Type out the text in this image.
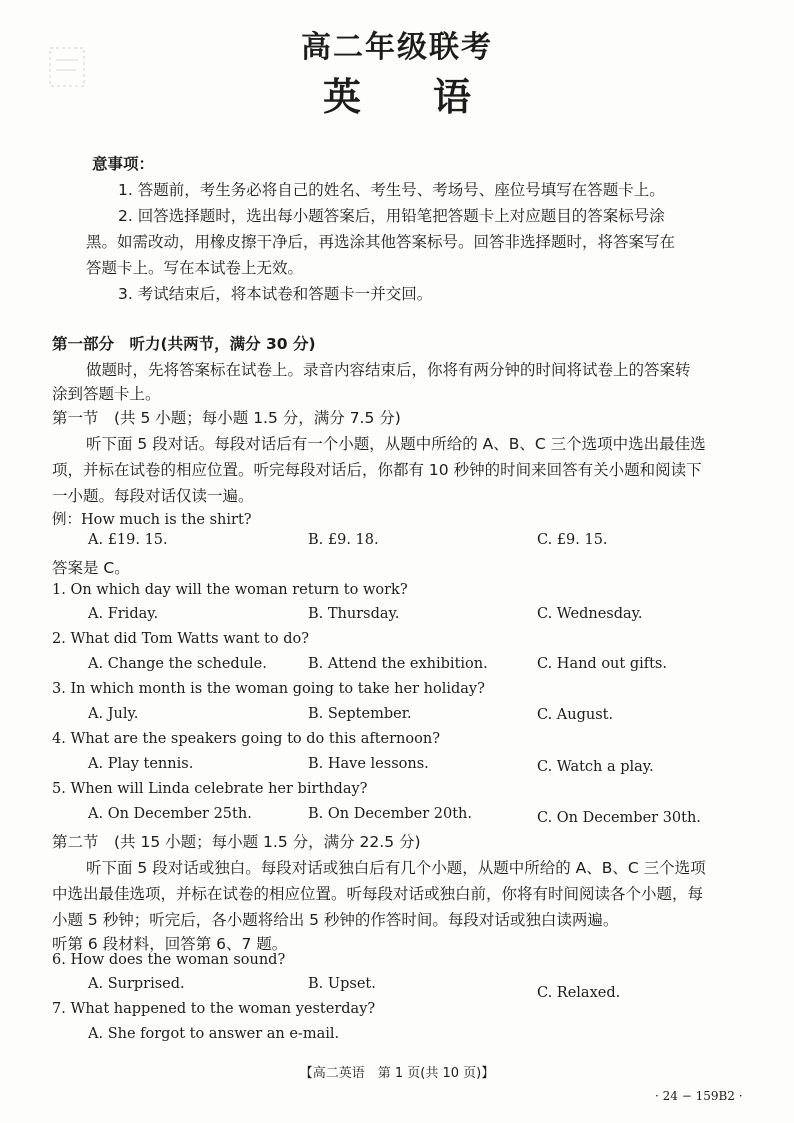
高二年级联考
英 语
意事项：
1. 答题前，考生务必将自己的姓名、考生号、考场号、座位号填写在答题卡上。
2. 回答选择题时，选出每小题答案后，用铅笔把答题卡上对应题目的答案标号涂
黑。如需改动，用橡皮擦干净后，再选涂其他答案标号。回答非选择题时，将答案写在
答题卡上。写在本试卷上无效。
3. 考试结束后，将本试卷和答题卡一并交回。
第一部分　听力(共两节，满分 30 分)
做题时，先将答案标在试卷上。录音内容结束后，你将有两分钟的时间将试卷上的答案转
涂到答题卡上。
第一节　(共 5 小题；每小题 1.5 分，满分 7.5 分)
听下面 5 段对话。每段对话后有一个小题，从题中所给的 A、B、C 三个选项中选出最佳选
项，并标在试卷的相应位置。听完每段对话后，你都有 10 秒钟的时间来回答有关小题和阅读下
一小题。每段对话仅读一遍。
例：How much is the shirt?
A. £19. 15.	B. £9. 18.	C. £9. 15.
答案是 C。
1. On which day will the woman return to work?
A. Friday.	B. Thursday.	C. Wednesday.
2. What did Tom Watts want to do?
A. Change the schedule.	B. Attend the exhibition.	C. Hand out gifts.
3. In which month is the woman going to take her holiday?
A. July.	B. September.	C. August.
4. What are the speakers going to do this afternoon?
A. Play tennis.	B. Have lessons.	C. Watch a play.
5. When will Linda celebrate her birthday?
A. On December 25th.	B. On December 20th.	C. On December 30th.
第二节　(共 15 小题；每小题 1.5 分，满分 22.5 分)
听下面 5 段对话或独白。每段对话或独白后有几个小题，从题中所给的 A、B、C 三个选项
中选出最佳选项，并标在试卷的相应位置。听每段对话或独白前，你将有时间阅读各个小题，每
小题 5 秒钟；听完后，各小题将给出 5 秒钟的作答时间。每段对话或独白读两遍。
听第 6 段材料，回答第 6、7 题。
6. How does the woman sound?
A. Surprised.	B. Upset.
C. Relaxed.
7. What happened to the woman yesterday?
A. She forgot to answer an e-mail.
【高二英语　第 1 页(共 10 页)】
· 24 − 159B2 ·
